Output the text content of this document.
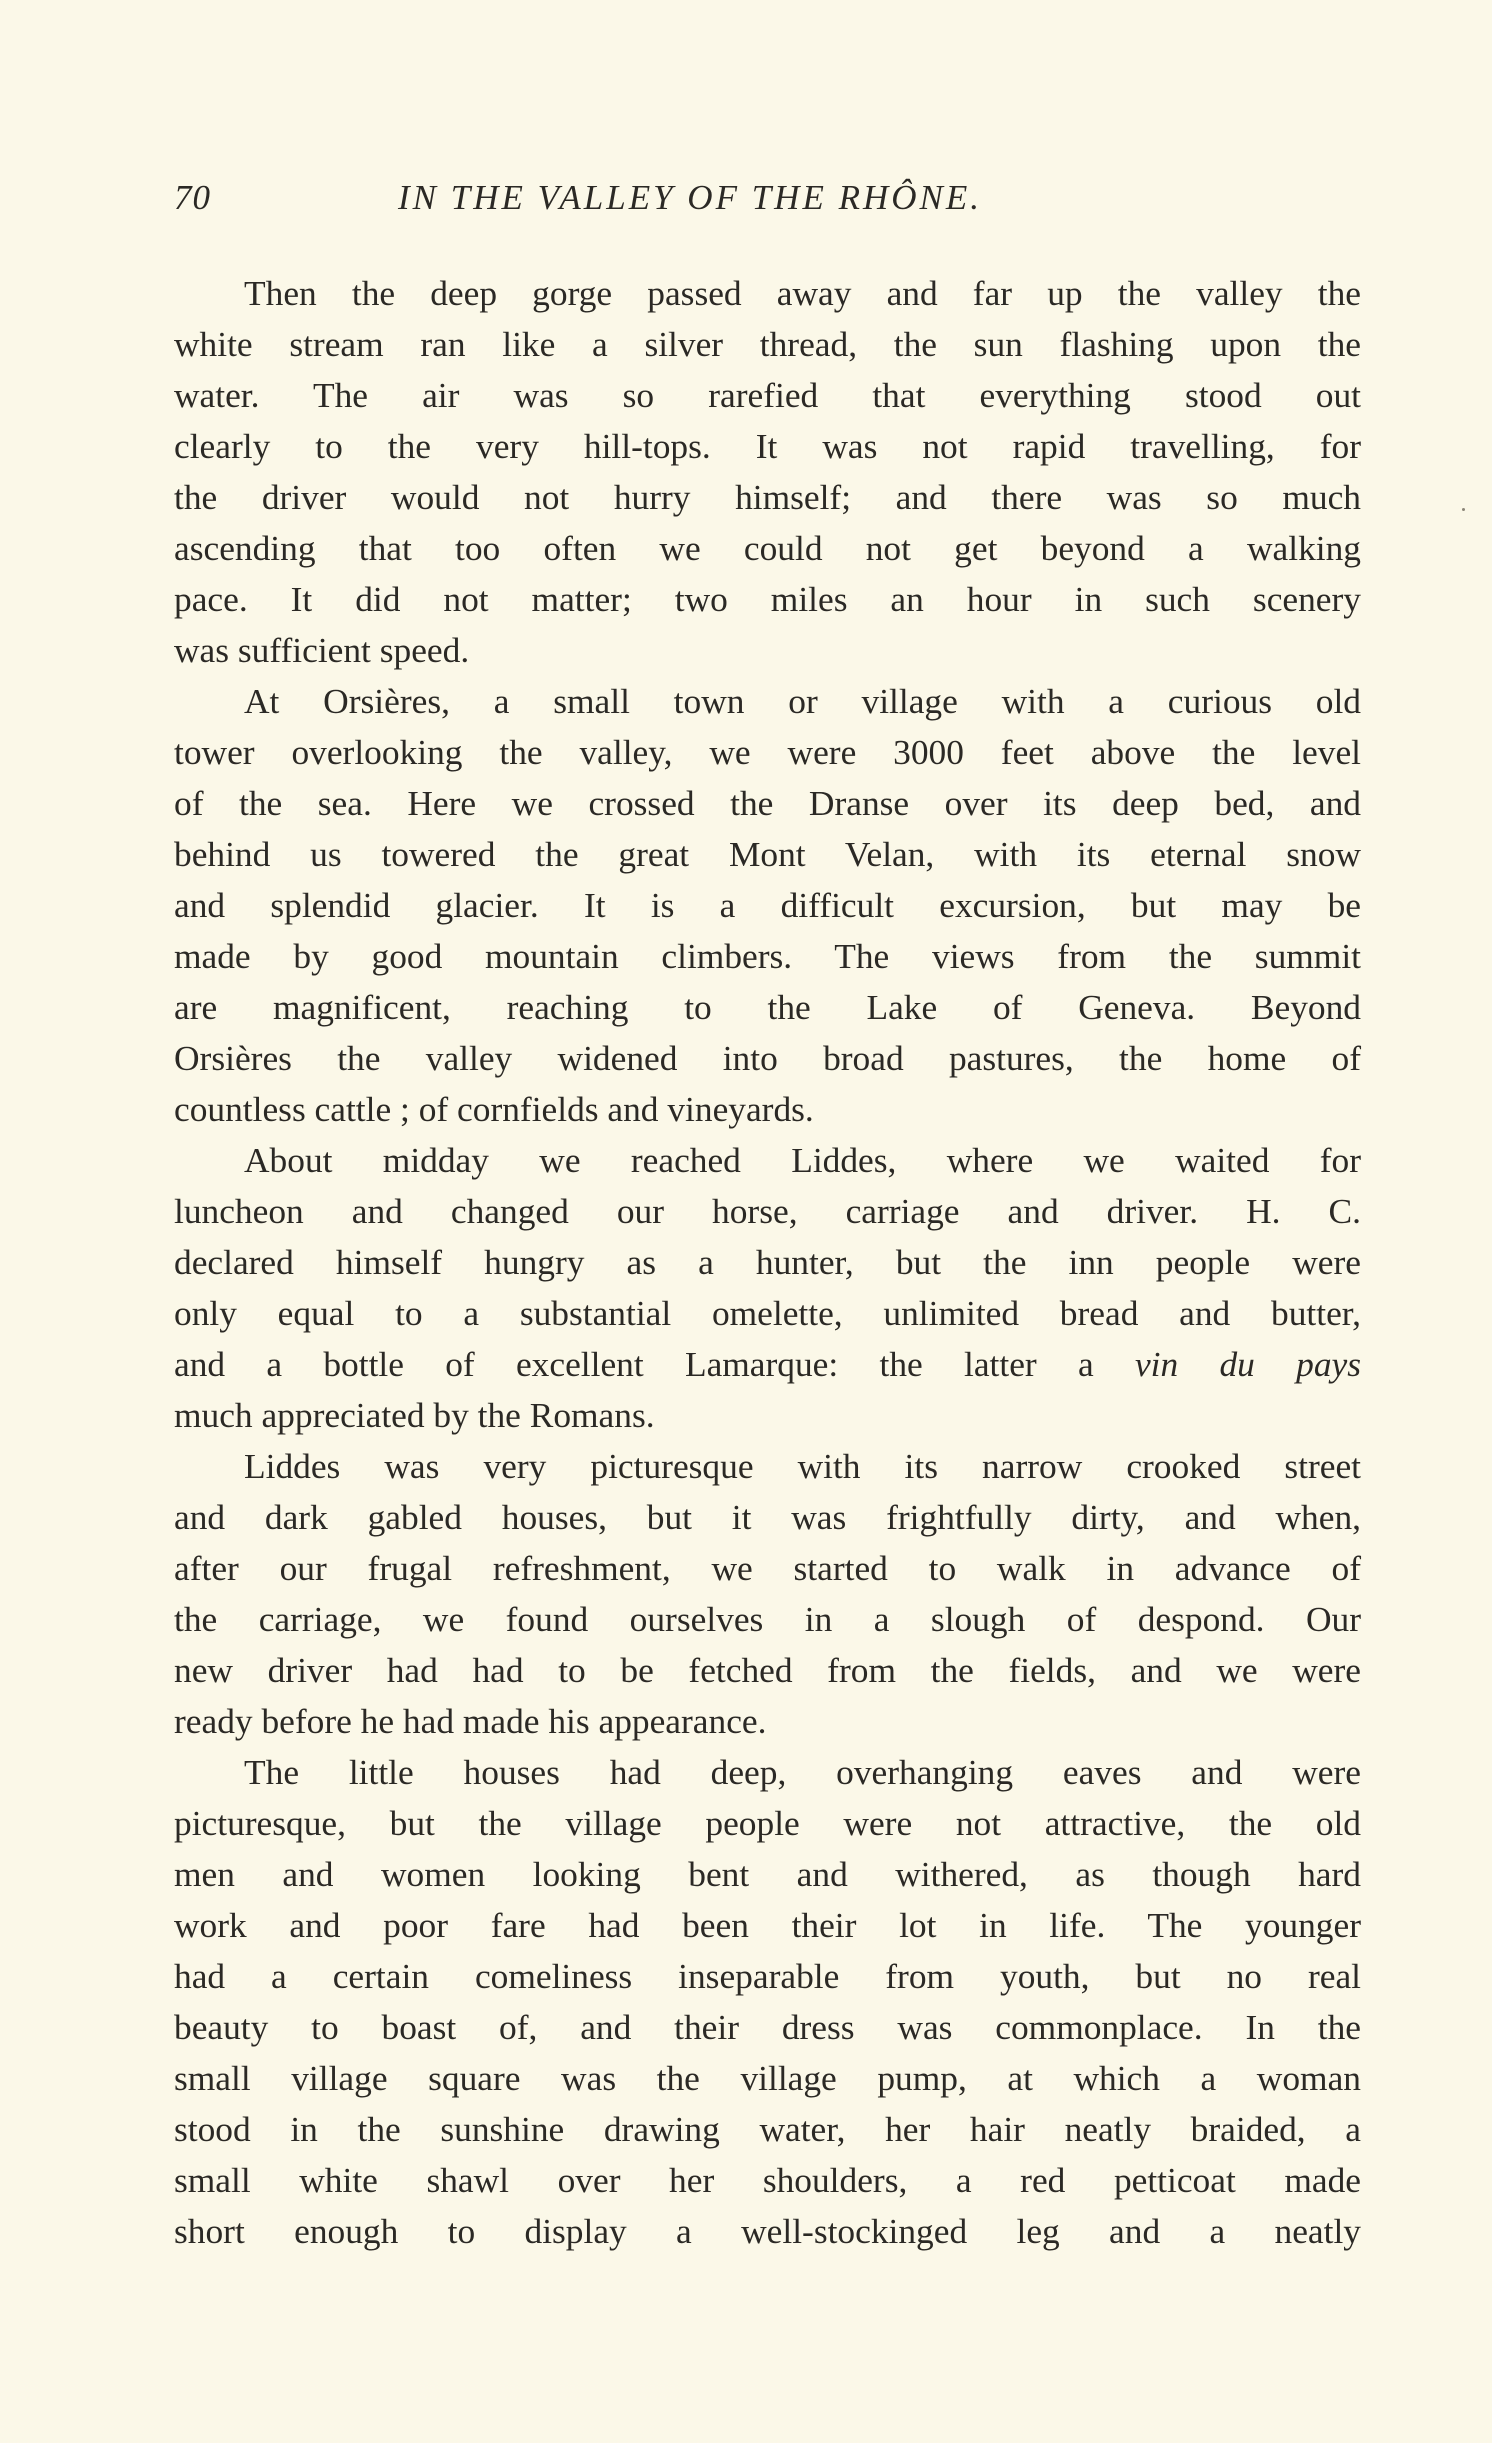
70	IN THE VALLEY OF THE RHÔNE.
Then the deep gorge passed away and far up the valley the
white stream ran like a silver thread, the sun flashing upon the
water. The air was so rarefied that everything stood out
clearly to the very hill-tops. It was not rapid travelling, for
the driver would not hurry himself; and there was so much
ascending that too often we could not get beyond a walking
pace. It did not matter; two miles an hour in such scenery
was sufficient speed.
At Orsières, a small town or village with a curious old
tower overlooking the valley, we were 3000 feet above the level
of the sea. Here we crossed the Dranse over its deep bed, and
behind us towered the great Mont Velan, with its eternal snow
and splendid glacier. It is a difficult excursion, but may be
made by good mountain climbers. The views from the summit
are magnificent, reaching to the Lake of Geneva. Beyond
Orsières the valley widened into broad pastures, the home of
countless cattle ; of cornfields and vineyards.
About midday we reached Liddes, where we waited for
luncheon and changed our horse, carriage and driver. H. C.
declared himself hungry as a hunter, but the inn people were
only equal to a substantial omelette, unlimited bread and butter,
and a bottle of excellent Lamarque: the latter a vin du pays
much appreciated by the Romans.
Liddes was very picturesque with its narrow crooked street
and dark gabled houses, but it was frightfully dirty, and when,
after our frugal refreshment, we started to walk in advance of
the carriage, we found ourselves in a slough of despond. Our
new driver had had to be fetched from the fields, and we were
ready before he had made his appearance.
The little houses had deep, overhanging eaves and were
picturesque, but the village people were not attractive, the old
men and women looking bent and withered, as though hard
work and poor fare had been their lot in life. The younger
had a certain comeliness inseparable from youth, but no real
beauty to boast of, and their dress was commonplace. In the
small village square was the village pump, at which a woman
stood in the sunshine drawing water, her hair neatly braided, a
small white shawl over her shoulders, a red petticoat made
short enough to display a well-stockinged leg and a neatly
